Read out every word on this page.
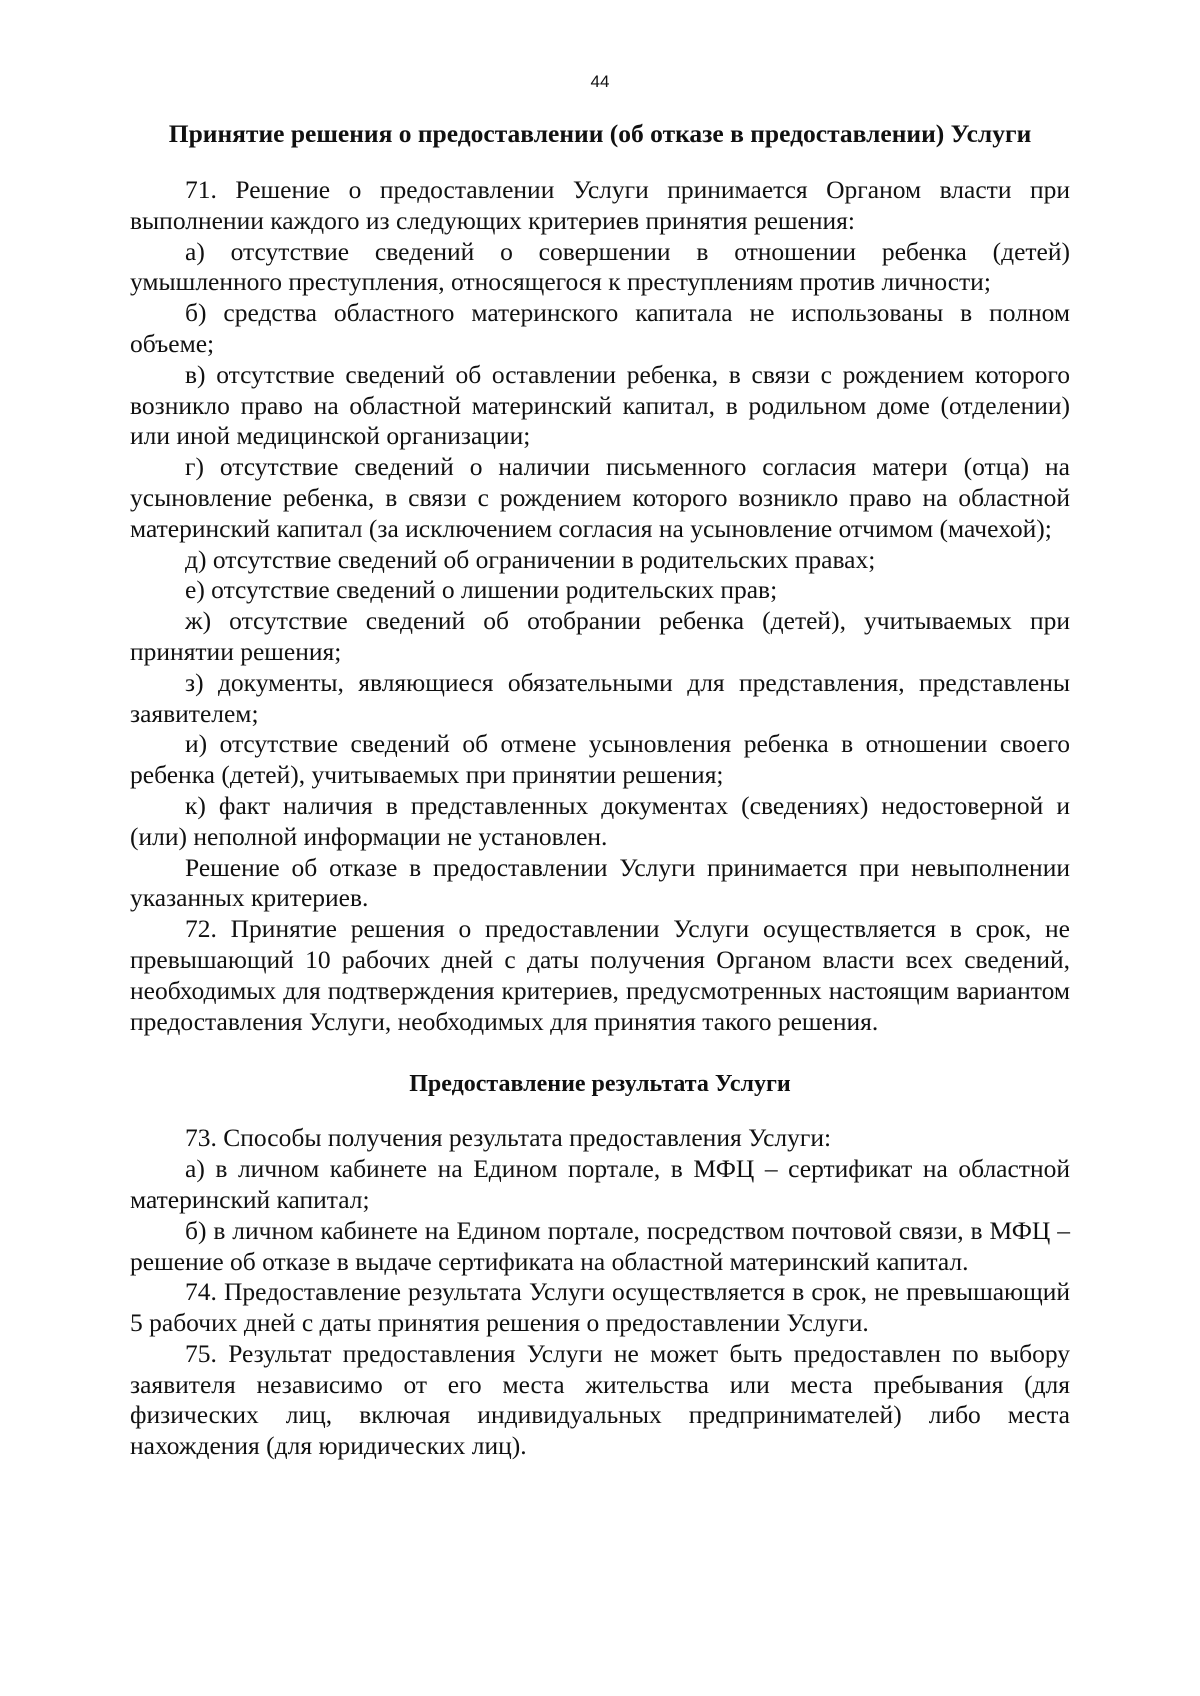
44
Принятие решения о предоставлении (об отказе в предоставлении) Услуги

71. Решение о предоставлении Услуги принимается Органом власти при выполнении каждого из следующих критериев принятия решения:

а) отсутствие сведений о совершении в отношении ребенка (детей) умышленного преступления, относящегося к преступлениям против личности;

б) средства областного материнского капитала не использованы в полном объеме;

в) отсутствие сведений об оставлении ребенка, в связи с рождением которого возникло право на областной материнский капитал, в родильном доме (отделении) или иной медицинской организации;

г) отсутствие сведений о наличии письменного согласия матери (отца) на усыновление ребенка, в связи с рождением которого возникло право на областной материнский капитал (за исключением согласия на усыновление отчимом (мачехой);

д) отсутствие сведений об ограничении в родительских правах;

е) отсутствие сведений о лишении родительских прав;

ж) отсутствие сведений об отобрании ребенка (детей), учитываемых при принятии решения;

з) документы, являющиеся обязательными для представления, представлены заявителем;

и) отсутствие сведений об отмене усыновления ребенка в отношении своего ребенка (детей), учитываемых при принятии решения;

к) факт наличия в представленных документах (сведениях) недостоверной и (или) неполной информации не установлен.

Решение об отказе в предоставлении Услуги принимается при невыполнении указанных критериев.

72. Принятие решения о предоставлении Услуги осуществляется в срок, не превышающий 10 рабочих дней с даты получения Органом власти всех сведений, необходимых для подтверждения критериев, предусмотренных настоящим вариантом предоставления Услуги, необходимых для принятия такого решения.

Предоставление результата Услуги

73. Способы получения результата предоставления Услуги:

а) в личном кабинете на Едином портале, в МФЦ – сертификат на областной материнский капитал;

б) в личном кабинете на Едином портале, посредством почтовой связи, в МФЦ – решение об отказе в выдаче сертификата на областной материнский капитал.

74. Предоставление результата Услуги осуществляется в срок, не превышающий 5 рабочих дней с даты принятия решения о предоставлении Услуги.

75. Результат предоставления Услуги не может быть предоставлен по выбору заявителя независимо от его места жительства или места пребывания (для физических лиц, включая индивидуальных предпринимателей) либо места нахождения (для юридических лиц).
